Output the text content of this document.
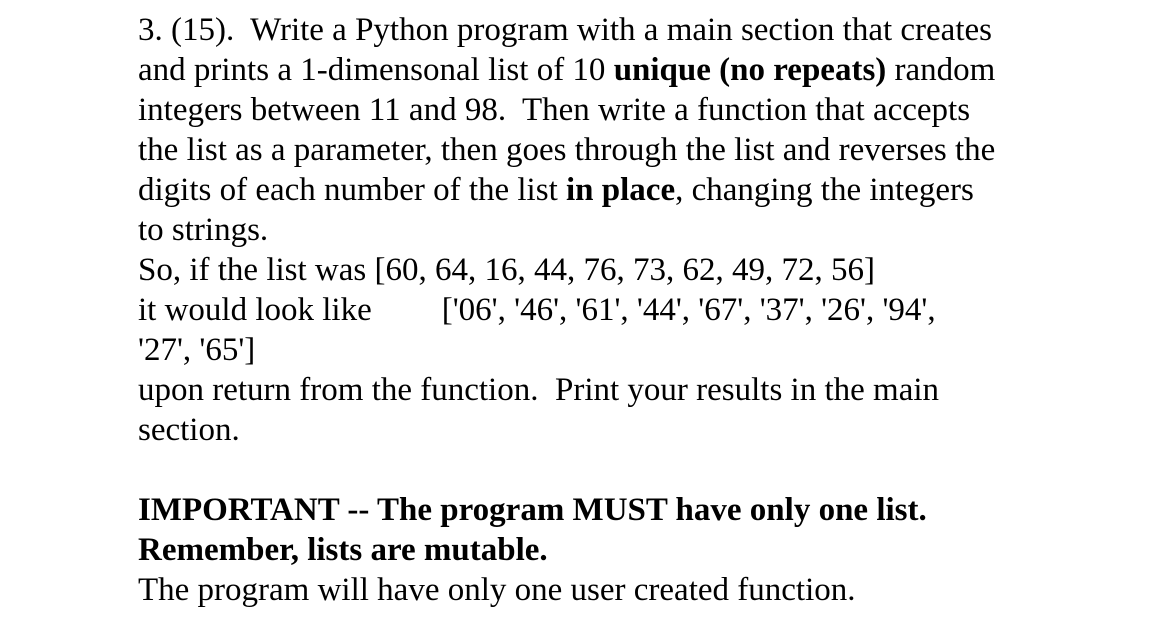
3. (15).  Write a Python program with a main section that creates
and prints a 1-dimensonal list of 10 unique (no repeats) random
integers between 11 and 98.  Then write a function that accepts
the list as a parameter, then goes through the list and reverses the
digits of each number of the list in place, changing the integers
to strings.
So, if the list was [60, 64, 16, 44, 76, 73, 62, 49, 72, 56]
it would look like ['06', '46', '61', '44', '67', '37', '26', '94',
'27', '65']
upon return from the function.  Print your results in the main
section.
IMPORTANT -- The program MUST have only one list.
Remember, lists are mutable.
The program will have only one user created function.
